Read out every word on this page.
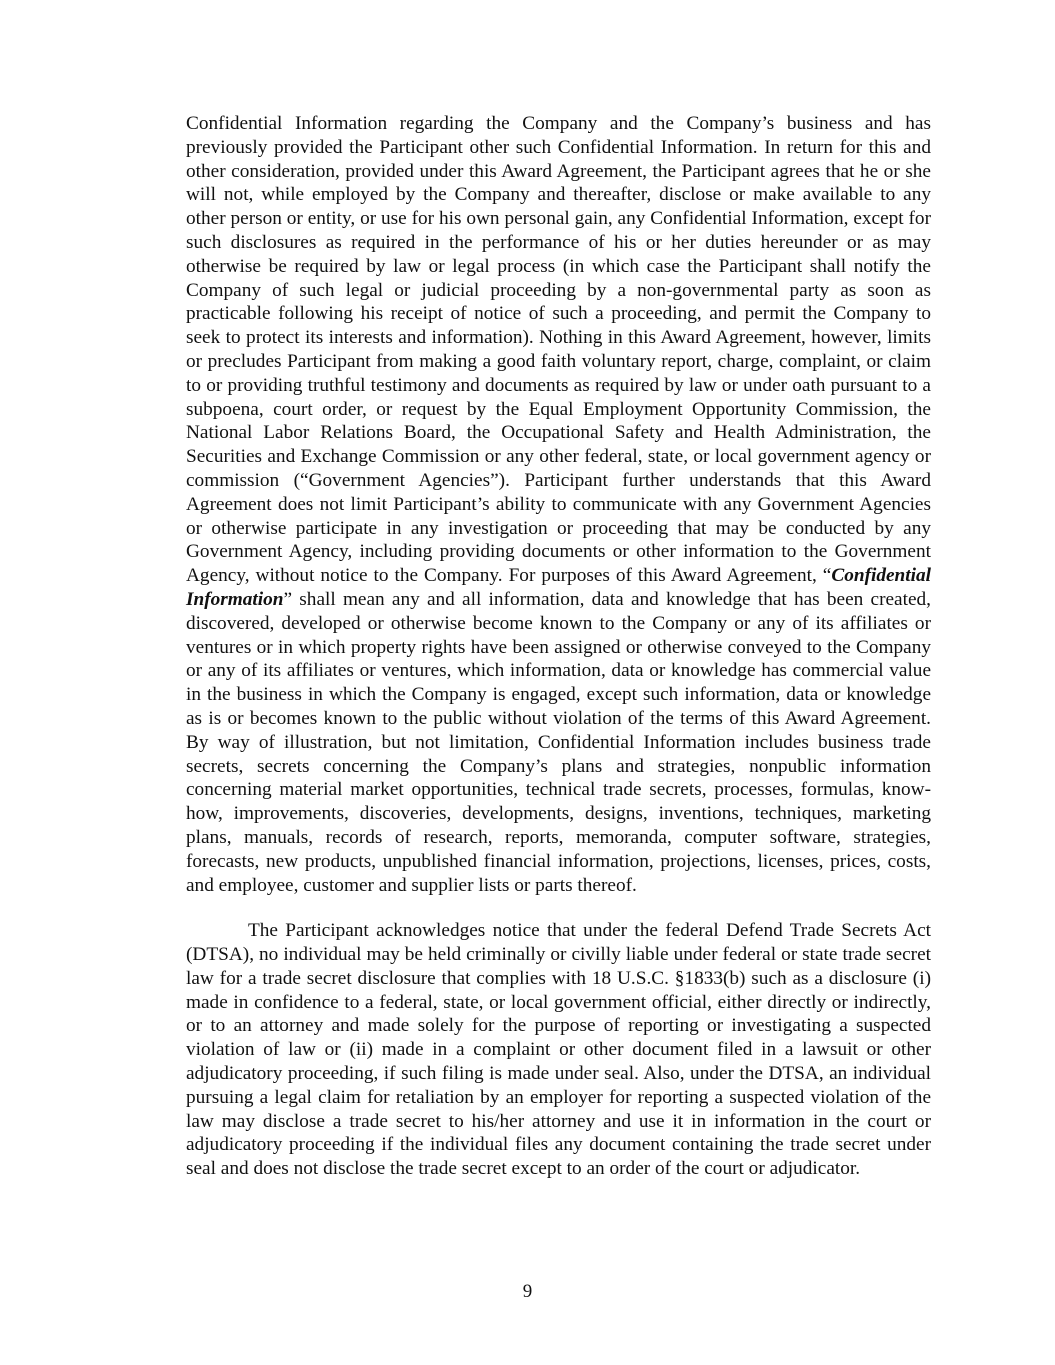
Confidential Information regarding the Company and the Company’s business and has previously provided the Participant other such Confidential Information. In return for this and other consideration, provided under this Award Agreement, the Participant agrees that he or she will not, while employed by the Company and thereafter, disclose or make available to any other person or entity, or use for his own personal gain, any Confidential Information, except for such disclosures as required in the performance of his or her duties hereunder or as may otherwise be required by law or legal process (in which case the Participant shall notify the Company of such legal or judicial proceeding by a non-governmental party as soon as practicable following his receipt of notice of such a proceeding, and permit the Company to seek to protect its interests and information). Nothing in this Award Agreement, however, limits or precludes Participant from making a good faith voluntary report, charge, complaint, or claim to or providing truthful testimony and documents as required by law or under oath pursuant to a subpoena, court order, or request by the Equal Employment Opportunity Commission, the National Labor Relations Board, the Occupational Safety and Health Administration, the Securities and Exchange Commission or any other federal, state, or local government agency or commission (“Government Agencies”). Participant further understands that this Award Agreement does not limit Participant’s ability to communicate with any Government Agencies or otherwise participate in any investigation or proceeding that may be conducted by any Government Agency, including providing documents or other information to the Government Agency, without notice to the Company. For purposes of this Award Agreement, “Confidential Information” shall mean any and all information, data and knowledge that has been created, discovered, developed or otherwise become known to the Company or any of its affiliates or ventures or in which property rights have been assigned or otherwise conveyed to the Company or any of its affiliates or ventures, which information, data or knowledge has commercial value in the business in which the Company is engaged, except such information, data or knowledge as is or becomes known to the public without violation of the terms of this Award Agreement. By way of illustration, but not limitation, Confidential Information includes business trade secrets, secrets concerning the Company’s plans and strategies, nonpublic information concerning material market opportunities, technical trade secrets, processes, formulas, know-how, improvements, discoveries, developments, designs, inventions, techniques, marketing plans, manuals, records of research, reports, memoranda, computer software, strategies, forecasts, new products, unpublished financial information, projections, licenses, prices, costs, and employee, customer and supplier lists or parts thereof.

The Participant acknowledges notice that under the federal Defend Trade Secrets Act (DTSA), no individual may be held criminally or civilly liable under federal or state trade secret law for a trade secret disclosure that complies with 18 U.S.C. §1833(b) such as a disclosure (i) made in confidence to a federal, state, or local government official, either directly or indirectly, or to an attorney and made solely for the purpose of reporting or investigating a suspected violation of law or (ii) made in a complaint or other document filed in a lawsuit or other adjudicatory proceeding, if such filing is made under seal. Also, under the DTSA, an individual pursuing a legal claim for retaliation by an employer for reporting a suspected violation of the law may disclose a trade secret to his/her attorney and use it in information in the court or adjudicatory proceeding if the individual files any document containing the trade secret under seal and does not disclose the trade secret except to an order of the court or adjudicator.

9
